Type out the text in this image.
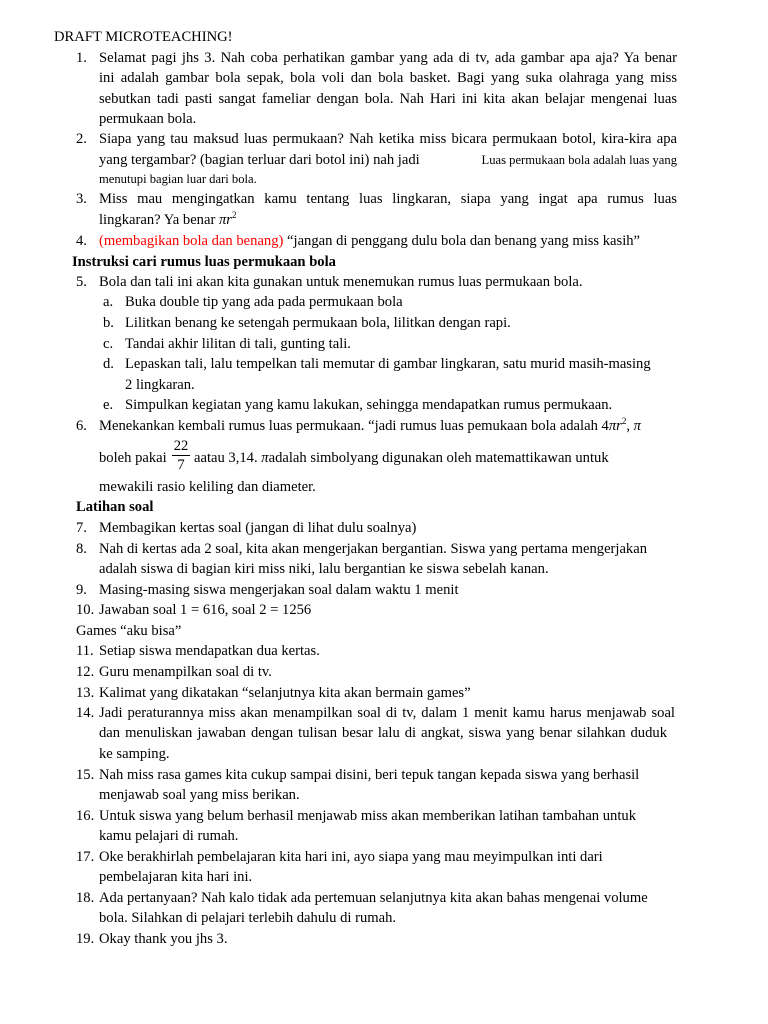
DRAFT MICROTEACHING!
1. Selamat pagi jhs 3. Nah coba perhatikan gambar yang ada di tv, ada gambar apa aja? Ya benar
ini adalah gambar bola sepak, bola voli dan bola basket. Bagi yang suka olahraga yang miss
sebutkan tadi pasti sangat fameliar dengan bola. Nah Hari ini kita akan belajar mengenai luas
permukaan bola.
2. Siapa yang tau maksud luas permukaan? Nah ketika miss bicara permukaan botol, kira-kira apa
yang tergambar? (bagian terluar dari botol ini) nah jadi	Luas permukaan bola adalah luas yang
menutupi bagian luar dari bola.
3. Miss mau mengingatkan kamu tentang luas lingkaran, siapa yang ingat apa rumus luas
lingkaran? Ya benar $\pi r^2$
4. (membagikan bola dan benang) “jangan di penggang dulu bola dan benang yang miss kasih”
Instruksi cari rumus luas permukaan bola
5. Bola dan tali ini akan kita gunakan untuk menemukan rumus luas permukaan bola.
a. Buka double tip yang ada pada permukaan bola
b. Lilitkan benang ke setengah permukaan bola, lilitkan dengan rapi.
c. Tandai akhir lilitan di tali, gunting tali.
d. Lepaskan tali, lalu tempelkan tali memutar di gambar lingkaran, satu murid masih-masing
2 lingkaran.
e. Simpulkan kegiatan yang kamu lakukan, sehingga mendapatkan rumus permukaan.
6. Menekankan kembali rumus luas permukaan. “jadi rumus luas pemukaan bola adalah $4\pi r^2$, π
boleh pakai
22
7 aatau 3,14. πadalah simbolyang digunakan oleh matemattikawan untuk
mewakili rasio keliling dan diameter.
Latihan soal
7. Membagikan kertas soal (jangan di lihat dulu soalnya)
8. Nah di kertas ada 2 soal, kita akan mengerjakan bergantian. Siswa yang pertama mengerjakan
adalah siswa di bagian kiri miss niki, lalu bergantian ke siswa sebelah kanan.
9. Masing-masing siswa mengerjakan soal dalam waktu 1 menit
10. Jawaban soal 1 = 616, soal 2 = 1256
Games “aku bisa”
11. Setiap siswa mendapatkan dua kertas.
12. Guru menampilkan soal di tv.
13. Kalimat yang dikatakan “selanjutnya kita akan bermain games”
14. Jadi peraturannya miss akan menampilkan soal di tv, dalam 1 menit kamu harus menjawab soal
dan menuliskan jawaban dengan tulisan besar lalu di angkat, siswa yang benar silahkan duduk
ke samping.
15. Nah miss rasa games kita cukup sampai disini, beri tepuk tangan kepada siswa yang berhasil
menjawab soal yang miss berikan.
16. Untuk siswa yang belum berhasil menjawab miss akan memberikan latihan tambahan untuk
kamu pelajari di rumah.
17. Oke berakhirlah pembelajaran kita hari ini, ayo siapa yang mau meyimpulkan inti dari
pembelajaran kita hari ini.
18. Ada pertanyaan? Nah kalo tidak ada pertemuan selanjutnya kita akan bahas mengenai volume
bola. Silahkan di pelajari terlebih dahulu di rumah.
19. Okay thank you jhs 3.
